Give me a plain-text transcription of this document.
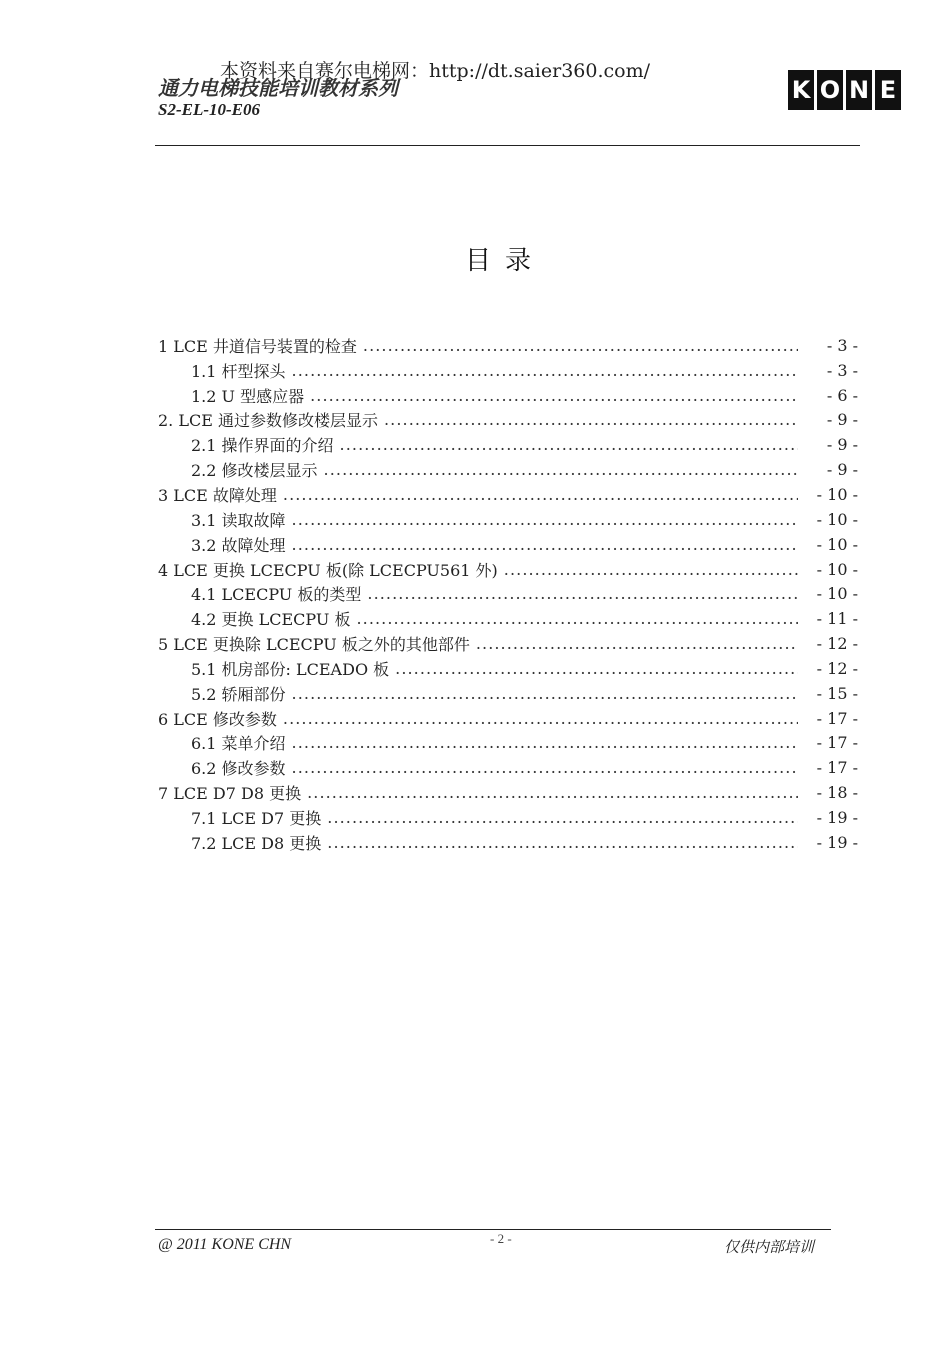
本资料来自赛尔电梯网：http://dt.saier360.com/
通力电梯技能培训教材系列
S2-EL-10-E06
K O N E
目录
1 LCE 井道信号装置的检查 . . .	- 3 -
1.1 杆型探头 . . .	- 3 -
1.2 U 型感应器 . . .	- 6 -
2. LCE 通过参数修改楼层显示 . . .	- 9 -
2.1 操作界面的介绍 . . .	- 9 -
2.2 修改楼层显示 . . .	- 9 -
3 LCE 故障处理 . . .	- 10 -
3.1 读取故障 . . .	- 10 -
3.2 故障处理 . . .	- 10 -
4 LCE 更换 LCECPU 板(除 LCECPU561 外) . . .	- 10 -
4.1 LCECPU 板的类型 . . .	- 10 -
4.2 更换 LCECPU 板 . . .	- 11 -
5 LCE 更换除 LCECPU 板之外的其他部件 . . .	- 12 -
5.1 机房部份: LCEADO 板 . . .	- 12 -
5.2 轿厢部份 . . .	- 15 -
6 LCE 修改参数 . . .	- 17 -
6.1 菜单介绍 . . .	- 17 -
6.2 修改参数 . . .	- 17 -
7 LCE D7 D8 更换 . . .	- 18 -
7.1 LCE D7 更换 . . .	- 19 -
7.2 LCE D8 更换 . . .	- 19 -
@ 2011 KONE CHN	- 2 -	仅供内部培训
